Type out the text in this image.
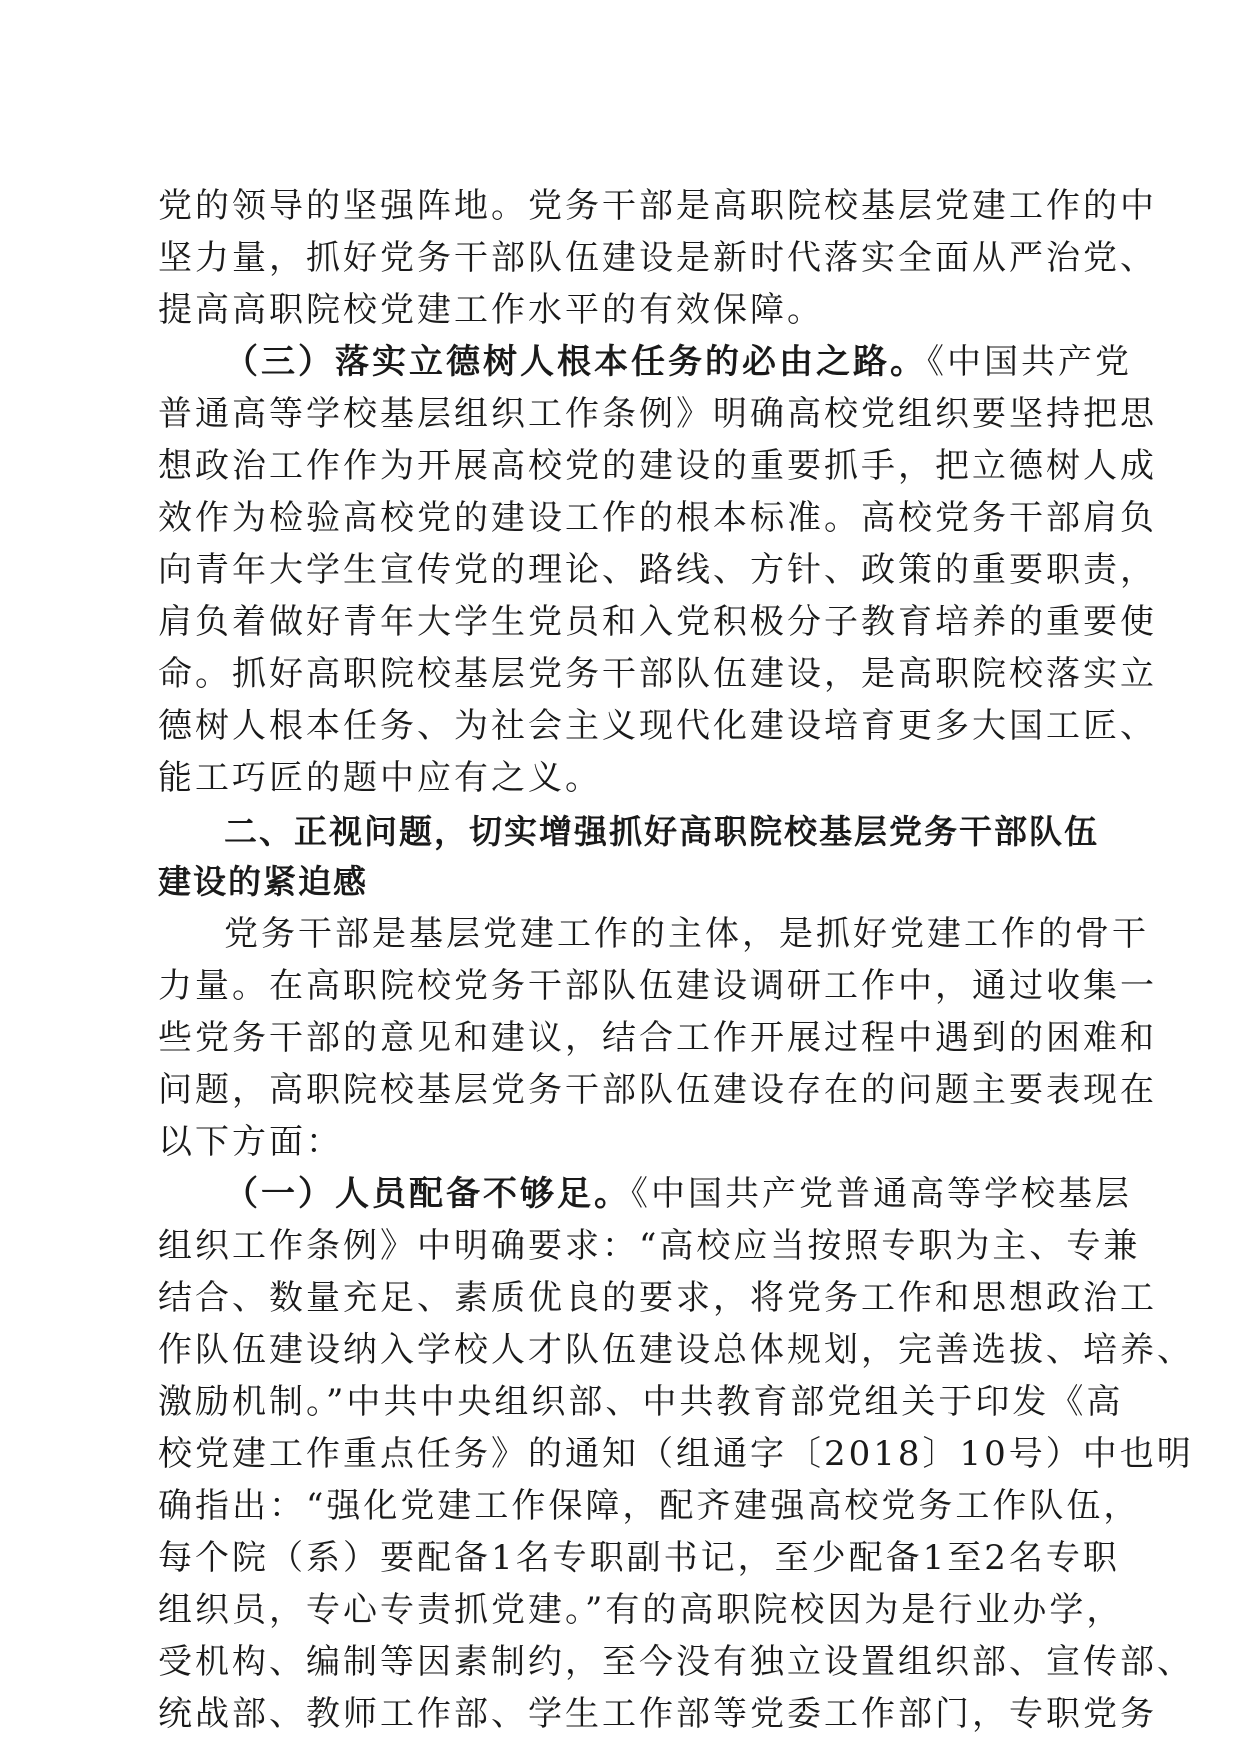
党的领导的坚强阵地。党务干部是高职院校基层党建工作的中
坚力量，抓好党务干部队伍建设是新时代落实全面从严治党、
提高高职院校党建工作水平的有效保障。
（三）落实立德树人根本任务的必由之路。《中国共产党
普通高等学校基层组织工作条例》明确高校党组织要坚持把思
想政治工作作为开展高校党的建设的重要抓手，把立德树人成
效作为检验高校党的建设工作的根本标准。高校党务干部肩负
向青年大学生宣传党的理论、路线、方针、政策的重要职责，
肩负着做好青年大学生党员和入党积极分子教育培养的重要使
命。抓好高职院校基层党务干部队伍建设，是高职院校落实立
德树人根本任务、为社会主义现代化建设培育更多大国工匠、
能工巧匠的题中应有之义。
二、正视问题，切实增强抓好高职院校基层党务干部队伍
建设的紧迫感
党务干部是基层党建工作的主体，是抓好党建工作的骨干
力量。在高职院校党务干部队伍建设调研工作中，通过收集一
些党务干部的意见和建议，结合工作开展过程中遇到的困难和
问题，高职院校基层党务干部队伍建设存在的问题主要表现在
以下方面：
（一）人员配备不够足。《中国共产党普通高等学校基层
组织工作条例》中明确要求：“高校应当按照专职为主、专兼
结合、数量充足、素质优良的要求，将党务工作和思想政治工
作队伍建设纳入学校人才队伍建设总体规划，完善选拔、培养、
激励机制。”中共中央组织部、中共教育部党组关于印发《高
校党建工作重点任务》的通知（组通字〔2018〕10号）中也明
确指出：“强化党建工作保障，配齐建强高校党务工作队伍，
每个院（系）要配备1名专职副书记，至少配备1至2名专职
组织员，专心专责抓党建。”有的高职院校因为是行业办学，
受机构、编制等因素制约，至今没有独立设置组织部、宣传部、
统战部、教师工作部、学生工作部等党委工作部门，专职党务
